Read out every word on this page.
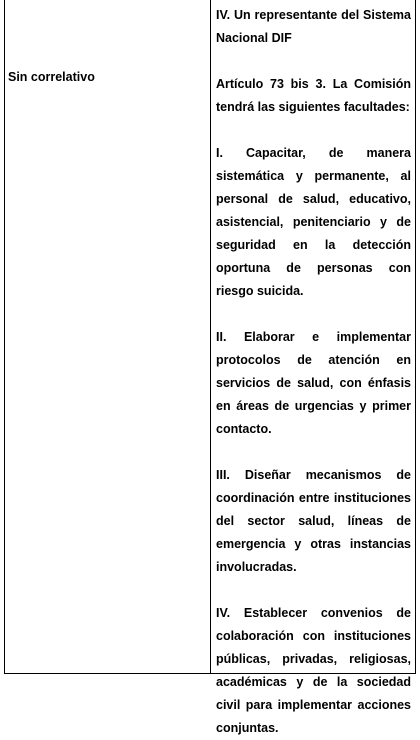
Sin correlativo

IV. Un representante del Sistema Nacional DIF

Artículo 73 bis 3. La Comisión tendrá las siguientes facultades:

I. Capacitar, de manera sistemática y permanente, al personal de salud, educativo, asistencial, penitenciario y de seguridad en la detección oportuna de personas con riesgo suicida.

II. Elaborar e implementar protocolos de atención en servicios de salud, con énfasis en áreas de urgencias y primer contacto.

III. Diseñar mecanismos de coordinación entre instituciones del sector salud, líneas de emergencia y otras instancias involucradas.

IV. Establecer convenios de colaboración con instituciones públicas, privadas, religiosas, académicas y de la sociedad civil para implementar acciones conjuntas.
